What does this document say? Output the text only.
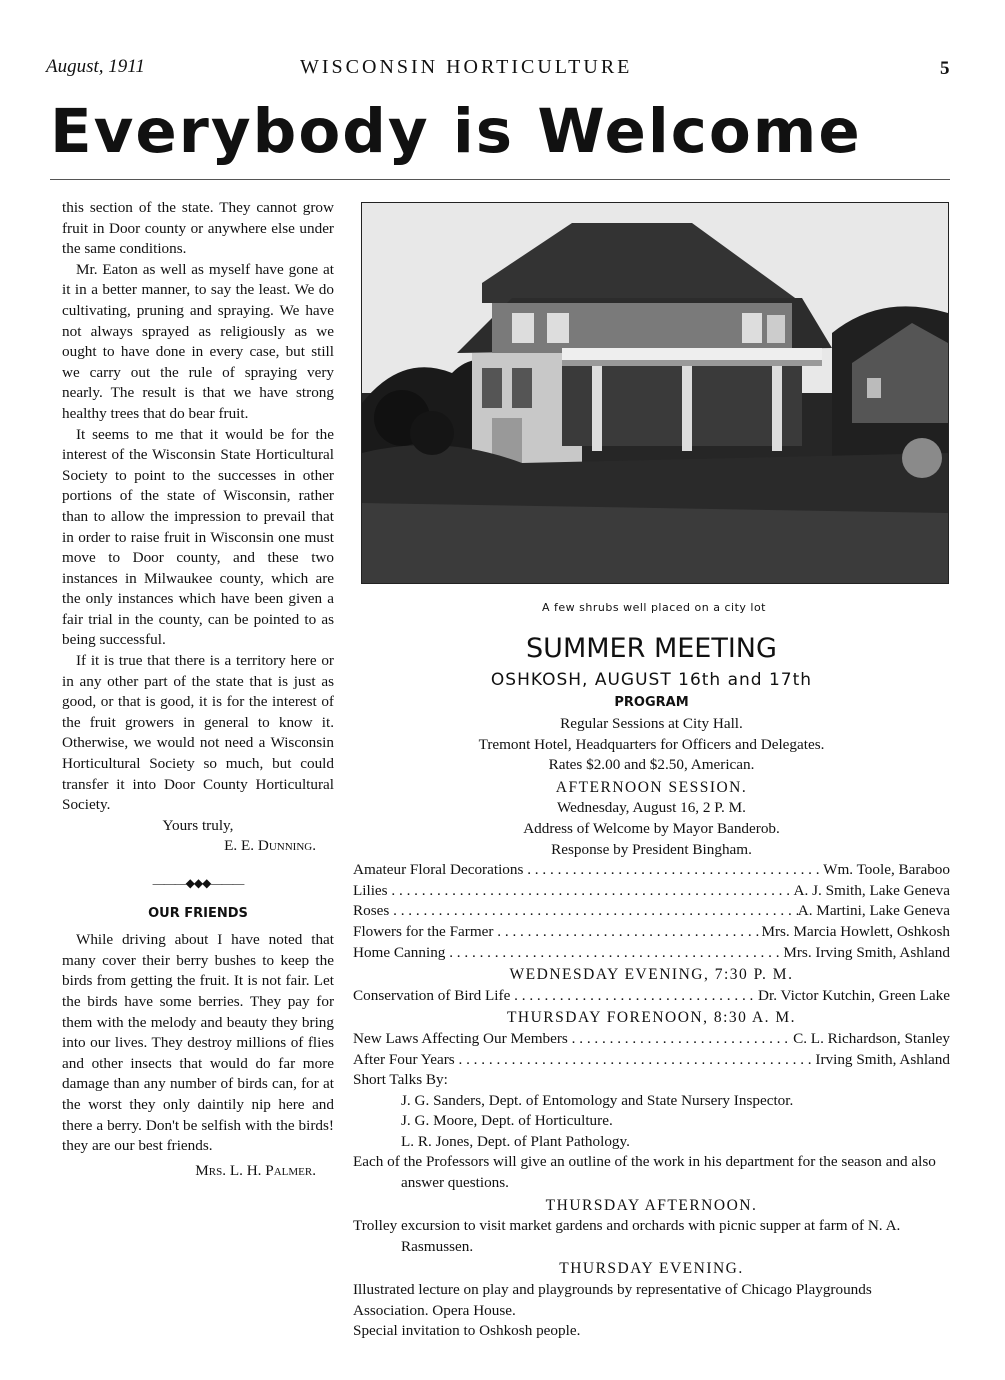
August, 1911	WISCONSIN HORTICULTURE	5
Everybody is Welcome

this section of the state. They cannot grow fruit in Door county or anywhere else under the same conditions.

Mr. Eaton as well as myself have gone at it in a better manner, to say the least. We do cultivating, pruning and spraying. We have not always sprayed as religiously as we ought to have done in every case, but still we carry out the rule of spraying very nearly. The result is that we have strong healthy trees that do bear fruit.

It seems to me that it would be for the interest of the Wisconsin State Horticultural Society to point to the successes in other portions of the state of Wisconsin, rather than to allow the impression to prevail that in order to raise fruit in Wisconsin one must move to Door county, and these two instances in Milwaukee county, which are the only instances which have been given a fair trial in the county, can be pointed to as being successful.

If it is true that there is a territory here or in any other part of the state that is just as good, or that is good, it is for the interest of the fruit growers in general to know it. Otherwise, we would not need a Wisconsin Horticultural Society so much, but could transfer it into Door County Horticultural Society.

Yours truly,
E. E. Dunning.
———◆◆◆———
OUR FRIENDS

While driving about I have noted that many cover their berry bushes to keep the birds from getting the fruit. It is not fair. Let the birds have some berries. They pay for them with the melody and beauty they bring into our lives. They destroy millions of flies and other insects that would do far more damage than any number of birds can, for at the worst they only daintily nip here and there a berry. Don't be selfish with the birds! they are our best friends.

Mrs. L. H. Palmer.
A few shrubs well placed on a city lot
SUMMER MEETING
OSHKOSH, AUGUST 16th and 17th
PROGRAM
Regular Sessions at City Hall.
Tremont Hotel, Headquarters for Officers and Delegates.
Rates $2.00 and $2.50, American.
AFTERNOON SESSION.
Wednesday, August 16, 2 P. M.
Address of Welcome by Mayor Banderob.
Response by President Bingham.
Amateur Floral Decorations . . .	Wm. Toole, Baraboo
Lilies . . .	A. J. Smith, Lake Geneva
Roses . . .	A. Martini, Lake Geneva
Flowers for the Farmer . . .	Mrs. Marcia Howlett, Oshkosh
Home Canning . . .	Mrs. Irving Smith, Ashland
WEDNESDAY EVENING, 7:30 P. M.
Conservation of Bird Life . . .	Dr. Victor Kutchin, Green Lake
THURSDAY FORENOON, 8:30 A. M.
New Laws Affecting Our Members . . .	C. L. Richardson, Stanley
After Four Years . . .	Irving Smith, Ashland
Short Talks By:
J. G. Sanders, Dept. of Entomology and State Nursery Inspector.
J. G. Moore, Dept. of Horticulture.
L. R. Jones, Dept. of Plant Pathology.
Each of the Professors will give an outline of the work in his department for the season and also answer questions.
THURSDAY AFTERNOON.
Trolley excursion to visit market gardens and orchards with picnic supper at farm of N. A. Rasmussen.
THURSDAY EVENING.
Illustrated lecture on play and playgrounds by representative of Chicago Playgrounds Association. Opera House.
Special invitation to Oshkosh people.
